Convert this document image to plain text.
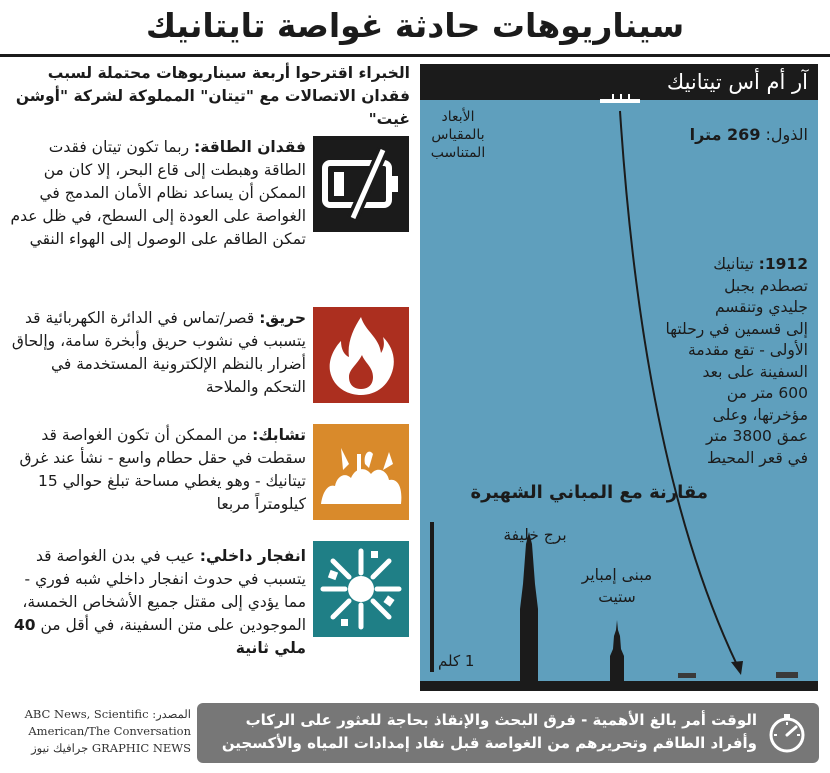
سيناريوهات حادثة غواصة تايتانيك
الخبراء اقترحوا أربعة سيناريوهات محتملة لسبب فقدان الاتصالات مع "تيتان" المملوكة لشركة "أوشن غيت"
فقدان الطاقة: ربما تكون تيتان فقدت الطاقة وهبطت إلى قاع البحر، إلا كان من الممكن أن يساعد نظام الأمان المدمج في الغواصة على العودة إلى السطح، في ظل عدم تمكن الطاقم على الوصول إلى الهواء النقي
حريق: قصر/تماس في الدائرة الكهربائية قد يتسبب في نشوب حريق وأبخرة سامة، وإلحاق أضرار بالنظم الإلكترونية المستخدمة في التحكم والملاحة
تشابك: من الممكن أن تكون الغواصة قد سقطت في حقل حطام واسع - نشأ عند غرق تيتانيك - وهو يغطي مساحة تبلغ حوالي 15 كيلومتراً مربعا
انفجار داخلي: عيب في بدن الغواصة قد يتسبب في حدوث انفجار داخلي شبه فوري - مما يؤدي إلى مقتل جميع الأشخاص الخمسة، الموجودين على متن السفينة، في أقل من 40 ملي ثانية
آر أم أس تيتانيك
الأبعاد
بالمقياس
المتناسب
الذول: 269 مترا
1912: تيتانيك
تصطدم بجبل
جليدي وتنقسم
إلى قسمين في رحلتها
الأولى - تقع مقدمة
السفينة على بعد
600 متر من
مؤخرتها، وعلى
عمق 3800 متر
في قعر المحيط
مقارنة مع المباني الشهيرة
برج خليفة
مبنى إمباير
ستيت
1 كلم
المصدر: ABC News, Scientific
American/The Conversation
GRAPHIC NEWS جرافيك نيوز
الوقت أمر بالغ الأهمية - فرق البحث والإنقاذ بحاجة للعثور على الركاب وأفراد الطاقم وتحريرهم من الغواصة قبل نفاد إمدادات المياه والأكسجين
